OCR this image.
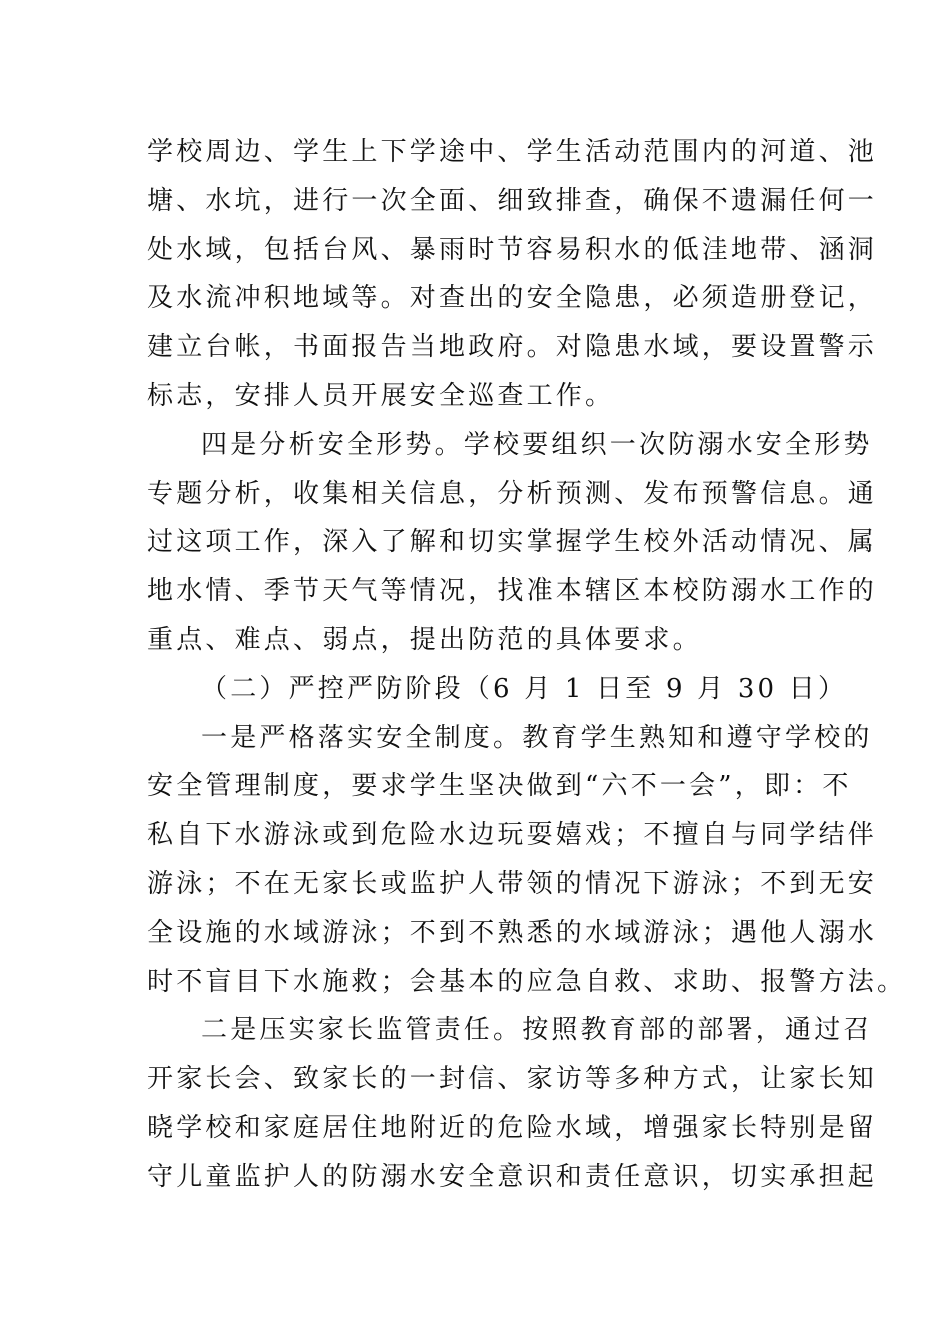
学校周边、学生上下学途中、学生活动范围内的河道、池
塘、水坑，进行一次全面、细致排查，确保不遗漏任何一
处水域，包括台风、暴雨时节容易积水的低洼地带、涵洞
及水流冲积地域等。对查出的安全隐患，必须造册登记，
建立台帐，书面报告当地政府。对隐患水域，要设置警示
标志，安排人员开展安全巡查工作。
四是分析安全形势。学校要组织一次防溺水安全形势
专题分析，收集相关信息，分析预测、发布预警信息。通
过这项工作，深入了解和切实掌握学生校外活动情况、属
地水情、季节天气等情况，找准本辖区本校防溺水工作的
重点、难点、弱点，提出防范的具体要求。
（二）严控严防阶段（6 月 1 日至 9 月 30 日）
一是严格落实安全制度。教育学生熟知和遵守学校的
安全管理制度，要求学生坚决做到“六不一会”，即：不
私自下水游泳或到危险水边玩耍嬉戏；不擅自与同学结伴
游泳；不在无家长或监护人带领的情况下游泳；不到无安
全设施的水域游泳；不到不熟悉的水域游泳；遇他人溺水
时不盲目下水施救；会基本的应急自救、求助、报警方法。
二是压实家长监管责任。按照教育部的部署，通过召
开家长会、致家长的一封信、家访等多种方式，让家长知
晓学校和家庭居住地附近的危险水域，增强家长特别是留
守儿童监护人的防溺水安全意识和责任意识，切实承担起
